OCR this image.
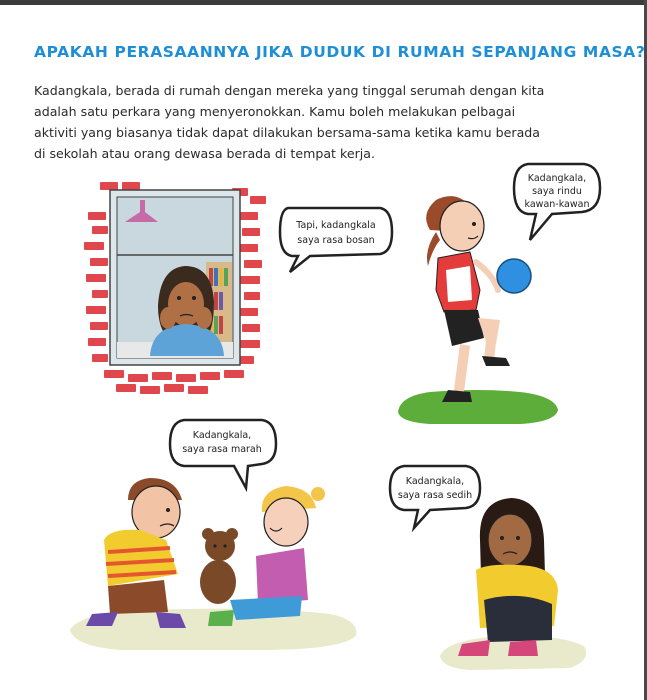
APAKAH PERASAANNYA JIKA DUDUK DI RUMAH SEPANJANG MASA?
Kadangkala, berada di rumah dengan mereka yang tinggal serumah dengan kita
adalah satu perkara yang menyeronokkan. Kamu boleh melakukan pelbagai
aktiviti yang biasanya tidak dapat dilakukan bersama-sama ketika kamu berada
di sekolah atau orang dewasa berada di tempat kerja.
Tapi, kadangkala
saya rasa bosan
Kadangkala,
saya rindu
kawan-kawan
Kadangkala,
saya rasa marah
Kadangkala,
saya rasa sedih
